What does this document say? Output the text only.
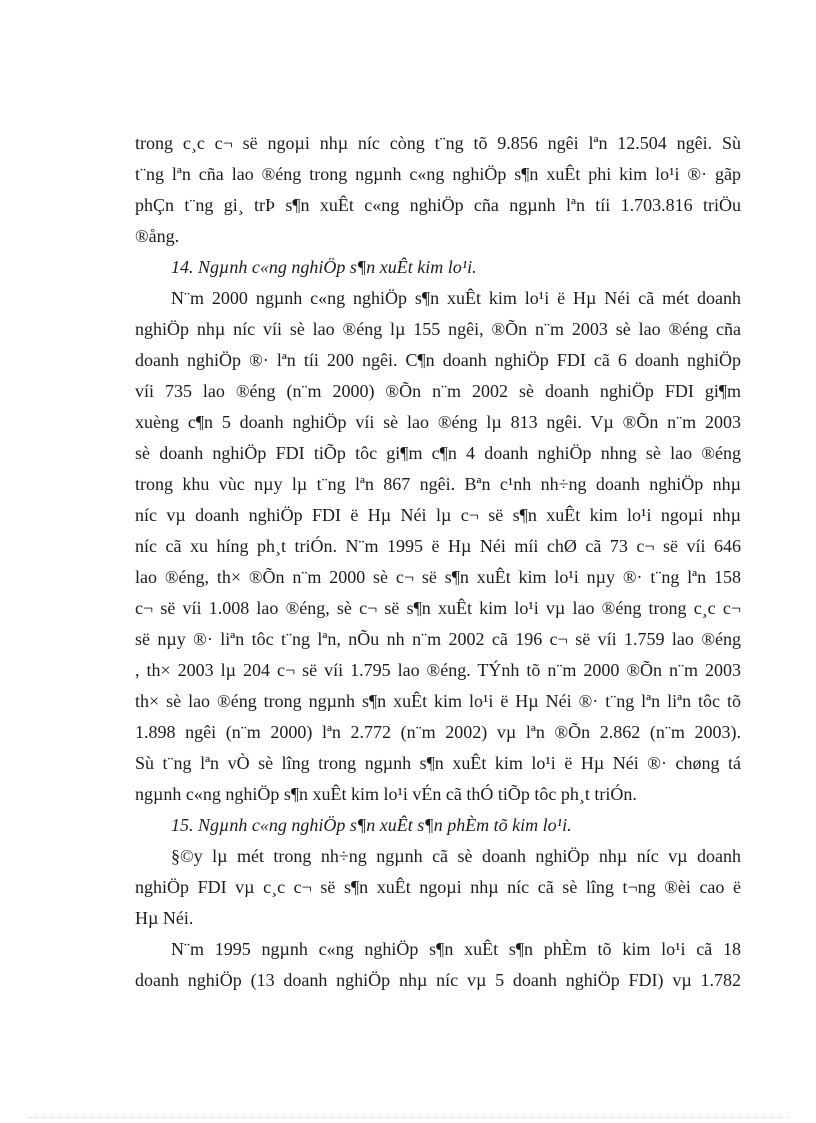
trong c¸c c¬ së ngoµi nhµ níc còng t¨ng tõ 9.856 ngêi lªn 12.504 ngêi. Sù
t¨ng lªn cña lao ®éng trong ngµnh c«ng nghiÖp s¶n xuÊt phi kim lo¹i ®· gãp
phÇn t¨ng gi¸ trÞ s¶n xuÊt c«ng nghiÖp cña ngµnh lªn tíi 1.703.816 triÖu
®ång.
14. Ngµnh c«ng nghiÖp s¶n xuÊt kim lo¹i.
N¨m 2000 ngµnh c«ng nghiÖp s¶n xuÊt kim lo¹i ë Hµ Néi cã mét doanh
nghiÖp nhµ níc víi sè lao ®éng lµ 155 ngêi, ®Õn n¨m 2003 sè lao ®éng cña
doanh nghiÖp ®· lªn tíi 200 ngêi. C¶n doanh nghiÖp FDI cã 6 doanh nghiÖp
víi 735 lao ®éng (n¨m 2000) ®Õn n¨m 2002 sè doanh nghiÖp FDI gi¶m
xuèng c¶n 5 doanh nghiÖp víi sè lao ®éng lµ 813 ngêi. Vµ ®Õn n¨m 2003
sè doanh nghiÖp FDI tiÕp tôc gi¶m c¶n 4 doanh nghiÖp nhng sè lao ®éng
trong khu vùc nµy lµ t¨ng lªn 867 ngêi. Bªn c¹nh nh÷ng doanh nghiÖp nhµ
níc vµ doanh nghiÖp FDI ë Hµ Néi lµ c¬ së s¶n xuÊt kim lo¹i ngoµi nhµ
níc cã xu híng ph¸t triÓn. N¨m 1995 ë Hµ Néi míi chØ cã 73 c¬ së víi 646
lao ®éng, th× ®Õn n¨m 2000 sè c¬ së s¶n xuÊt kim lo¹i nµy ®· t¨ng lªn 158
c¬ së víi 1.008 lao ®éng, sè c¬ së s¶n xuÊt kim lo¹i vµ lao ®éng trong c¸c c¬
së nµy ®· liªn tôc t¨ng lªn, nÕu nh n¨m 2002 cã 196 c¬ së víi 1.759 lao ®éng
, th× 2003 lµ 204 c¬ së víi 1.795 lao ®éng. TÝnh tõ n¨m 2000 ®Õn n¨m 2003
th× sè lao ®éng trong ngµnh s¶n xuÊt kim lo¹i ë Hµ Néi ®· t¨ng lªn liªn tôc tõ
1.898 ngêi (n¨m 2000) lªn 2.772 (n¨m 2002) vµ lªn ®Õn 2.862 (n¨m 2003).
Sù t¨ng lªn vÒ sè lîng trong ngµnh s¶n xuÊt kim lo¹i ë Hµ Néi ®· chøng tá
ngµnh c«ng nghiÖp s¶n xuÊt kim lo¹i vÉn cã thÓ tiÕp tôc ph¸t triÓn.
15. Ngµnh c«ng nghiÖp s¶n xuÊt s¶n phÈm tõ kim lo¹i.
§©y lµ mét trong nh÷ng ngµnh cã sè doanh nghiÖp nhµ níc vµ doanh
nghiÖp FDI vµ c¸c c¬ së s¶n xuÊt ngoµi nhµ níc cã sè lîng t¬ng ®èi cao ë
Hµ Néi.
N¨m 1995 ngµnh c«ng nghiÖp s¶n xuÊt s¶n phÈm tõ kim lo¹i cã 18
doanh nghiÖp (13 doanh nghiÖp nhµ níc vµ 5 doanh nghiÖp FDI) vµ 1.782
